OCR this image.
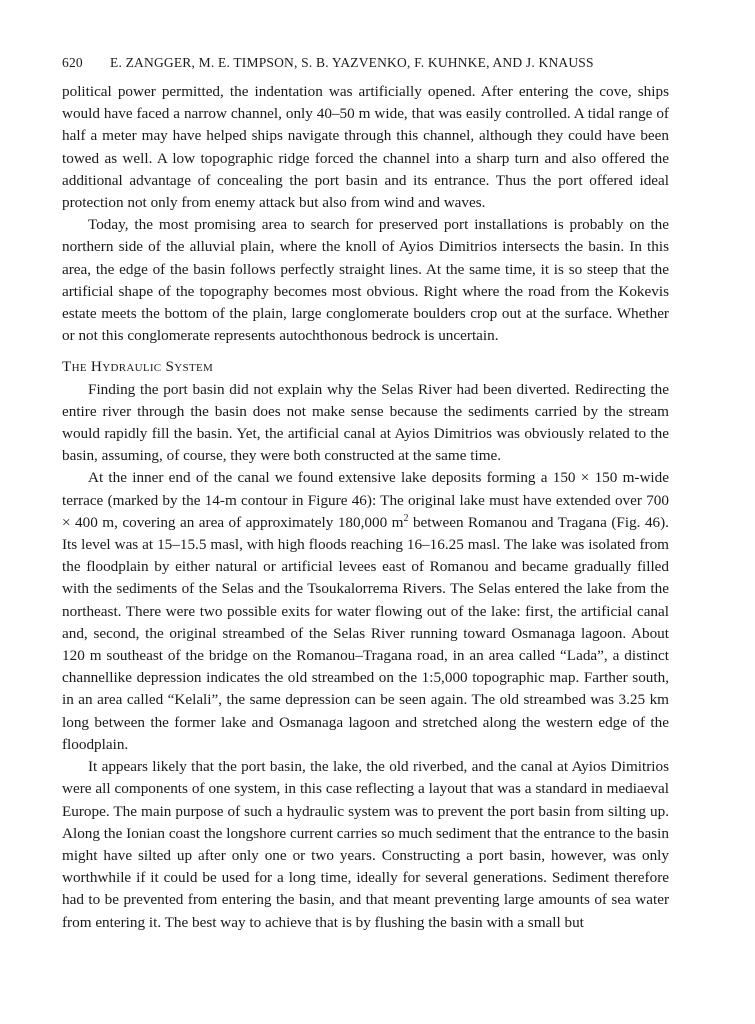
620 E. ZANGGER, M. E. TIMPSON, S. B. YAZVENKO, F. KUHNKE, AND J. KNAUSS

political power permitted, the indentation was artificially opened. After entering the cove, ships would have faced a narrow channel, only 40–50 m wide, that was easily controlled. A tidal range of half a meter may have helped ships navigate through this channel, although they could have been towed as well. A low topographic ridge forced the channel into a sharp turn and also offered the additional advantage of concealing the port basin and its entrance. Thus the port offered ideal protection not only from enemy attack but also from wind and waves.

Today, the most promising area to search for preserved port installations is probably on the northern side of the alluvial plain, where the knoll of Ayios Dimitrios intersects the basin. In this area, the edge of the basin follows perfectly straight lines. At the same time, it is so steep that the artificial shape of the topography becomes most obvious. Right where the road from the Kokevis estate meets the bottom of the plain, large conglomerate boulders crop out at the surface. Whether or not this conglomerate represents autochthonous bedrock is uncertain.

The Hydraulic System

Finding the port basin did not explain why the Selas River had been diverted. Redirecting the entire river through the basin does not make sense because the sediments carried by the stream would rapidly fill the basin. Yet, the artificial canal at Ayios Dimitrios was obviously related to the basin, assuming, of course, they were both constructed at the same time.

At the inner end of the canal we found extensive lake deposits forming a 150 × 150 m-wide terrace (marked by the 14-m contour in Figure 46): The original lake must have extended over 700 × 400 m, covering an area of approximately 180,000 $m^2$ between Romanou and Tragana (Fig. 46). Its level was at 15–15.5 masl, with high floods reaching 16–16.25 masl. The lake was isolated from the floodplain by either natural or artificial levees east of Romanou and became gradually filled with the sediments of the Selas and the Tsoukalorrema Rivers. The Selas entered the lake from the northeast. There were two possible exits for water flowing out of the lake: first, the artificial canal and, second, the original streambed of the Selas River running toward Osmanaga lagoon. About 120 m southeast of the bridge on the Romanou–Tragana road, in an area called “Lada”, a distinct channellike depression indicates the old streambed on the 1:5,000 topographic map. Farther south, in an area called “Kelali”, the same depression can be seen again. The old streambed was 3.25 km long between the former lake and Osmanaga lagoon and stretched along the western edge of the floodplain.

It appears likely that the port basin, the lake, the old riverbed, and the canal at Ayios Dimitrios were all components of one system, in this case reflecting a layout that was a standard in mediaeval Europe. The main purpose of such a hydraulic system was to prevent the port basin from silting up. Along the Ionian coast the longshore current carries so much sediment that the entrance to the basin might have silted up after only one or two years. Constructing a port basin, however, was only worthwhile if it could be used for a long time, ideally for several generations. Sediment therefore had to be prevented from entering the basin, and that meant preventing large amounts of sea water from entering it. The best way to achieve that is by flushing the basin with a small but
